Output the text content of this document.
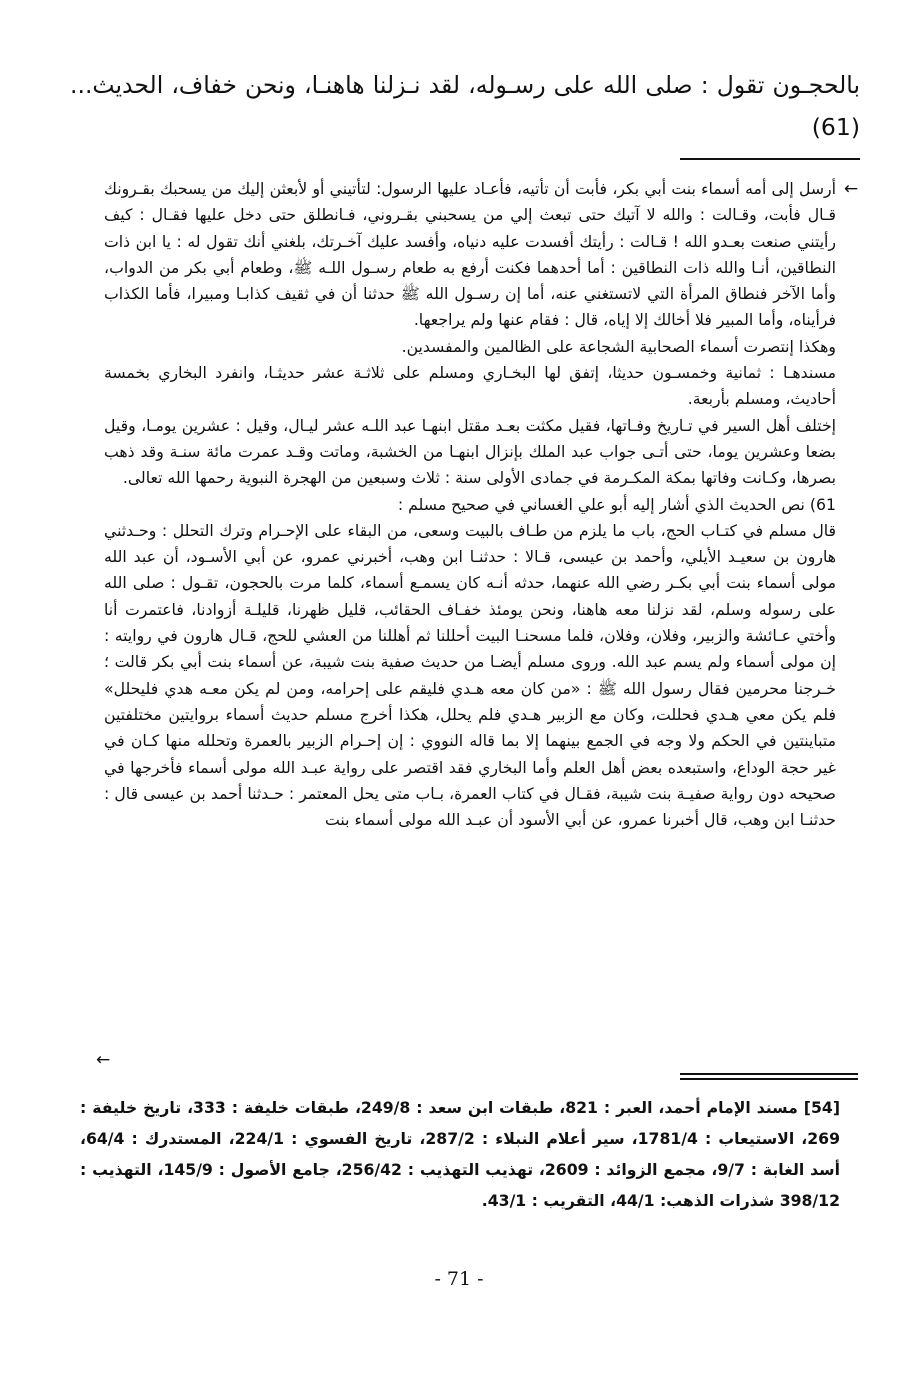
بالحجـون تقول : صلى الله على رسـوله، لقد نـزلنا هاهنـا، ونحن خفاف، الحديث...(61)

←

أرسل إلى أمه أسماء بنت أبي بكر، فأبت أن تأتيه، فأعـاد عليها الرسول: لتأتيني أو لأبعثن إليك من يسحبك بقـرونك قـال فأبت، وقـالت : والله لا آتيك حتى تبعث إلي من يسحبني بقـروني، فـانطلق حتى دخل عليها فقـال : كيف رأيتني صنعت بعـدو الله ! قـالت : رأيتك أفسدت عليه دنياه، وأفسد عليك آخـرتك، بلغني أنك تقول له : يا ابن ذات النطاقين، أنـا والله ذات النطاقين : أما أحدهما فكنت أرفع به طعام رسـول اللـه ﷺ، وطعام أبي بكر من الدواب، وأما الآخر فنطاق المرأة التي لاتستغني عنه، أما إن رسـول الله ﷺ حدثنا أن في ثقيف كذابـا ومبيرا، فأما الكذاب فرأيناه، وأما المبير فلا أخالك إلا إياه، قال : فقام عنها ولم يراجعها.

وهكذا إنتصرت أسماء الصحابية الشجاعة على الظالمين والمفسدين.

مسندهـا : ثمانية وخمسـون حديثا، إتفق لها البخـاري ومسلم على ثلاثـة عشر حديثـا، وانفرد البخاري بخمسة أحاديث، ومسلم بأربعة.

إختلف أهل السير في تـاريخ وفـاتها، فقيل مكثت بعـد مقتل ابنهـا عبد اللـه عشر ليـال، وقيل : عشرين يومـا، وقيل بضعا وعشرين يوما، حتى أتـى جواب عبد الملك بإنزال ابنهـا من الخشبة، وماتت وقـد عمرت مائة سنـة وقد ذهب بصرها، وكـانت وفاتها بمكة المكـرمة في جمادى الأولى سنة : ثلاث وسبعين من الهجرة النبوية رحمها الله تعالى.

61) نص الحديث الذي أشار إليه أبو علي الغساني في صحيح مسلم :

قال مسلم في كتـاب الحج، باب ما يلزم من طـاف بالبيت وسعى، من البقاء على الإحـرام وترك التحلل : وحـدثني هارون بن سعيـد الأيلي، وأحمد بن عيسى، قـالا : حدثنـا ابن وهب، أخبرني عمرو، عن أبي الأسـود، أن عبد الله مولى أسماء بنت أبي بكـر رضي الله عنهما، حدثه أنـه كان يسمـع أسماء، كلما مرت بالحجون، تقـول : صلى الله على رسوله وسلم، لقد نزلنا معه هاهنا، ونحن يومئذ خفـاف الحقائب، قليل ظهرنا، قليلـة أزوادنا، فاعتمرت أنا وأختي عـائشة والزبير، وفلان، وفلان، فلما مسحنـا البيت أحللنا ثم أهللنا من العشي للحج، قـال هارون في روايته : إن مولى أسماء ولم يسم عبد الله. وروى مسلم أيضـا من حديث صفية بنت شيبة، عن أسماء بنت أبي بكر قالت ؛ خـرجنا محرمين فقال رسول الله ﷺ : «من كان معه هـدي فليقم على إحرامه، ومن لم يكن معـه هدي فليحلل» فلم يكن معي هـدي فحللت، وكان مع الزبير هـدي فلم يحلل، هكذا أخرج مسلم حديث أسماء بروايتين مختلفتين متباينتين في الحكم ولا وجه في الجمع بينهما إلا بما قاله النووي : إن إحـرام الزبير بالعمرة وتحلله منها كـان في غير حجة الوداع، واستبعده بعض أهل العلم وأما البخاري فقد اقتصر على رواية عبـد الله مولى أسماء فأخرجها في صحيحه دون رواية صفيـة بنت شيبة، فقـال في كتاب العمرة، بـاب متى يحل المعتمر : حـدثنا أحمد بن عيسى قال : حدثنـا ابن وهب، قال أخبرنا عمرو، عن أبي الأسود أن عبـد الله مولى أسماء بنت

←

[54] مسند الإمام أحمد، العبر : 821، طبقات ابن سعد : 249/8، طبقات خليفة : 333، تاريخ خليفة : 269، الاستيعاب : 1781/4، سير أعلام النبلاء : 287/2، تاريخ الفسوي : 224/1، المستدرك : 64/4، أسد الغابة : 9/7، مجمع الزوائد : 2609، تهذيب التهذيب : 256/42، جامع الأصول : 145/9، التهذيب : 398/12 شذرات الذهب: 44/1، التقريب : 43/1.

- 71 -
